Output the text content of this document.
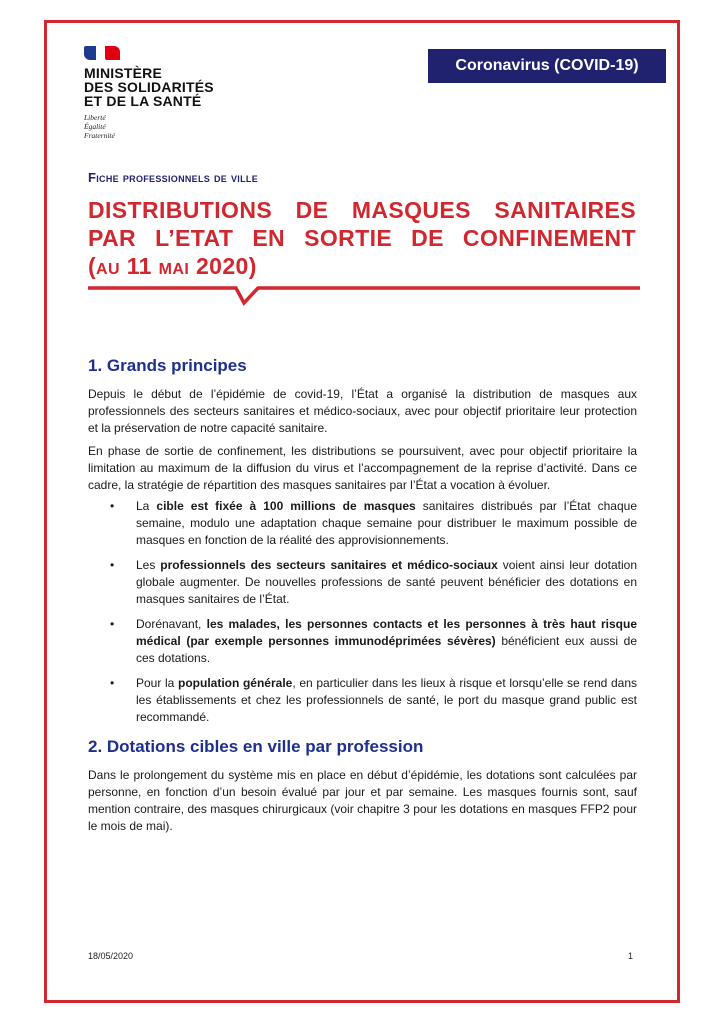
MINISTÈRE
DES SOLIDARITÉS
ET DE LA SANTÉ
Liberté
Égalité
Fraternité
Coronavirus (COVID-19)
Fiche professionnels de ville
DISTRIBUTIONS DE MASQUES SANITAIRES
PAR L’ETAT EN SORTIE DE CONFINEMENT
(au 11 mai 2020)
1. Grands principes

Depuis le début de l’épidémie de covid-19, l’État a organisé la distribution de masques aux professionnels des secteurs sanitaires et médico-sociaux, avec pour objectif prioritaire leur protection et la préservation de notre capacité sanitaire.

En phase de sortie de confinement, les distributions se poursuivent, avec pour objectif prioritaire la limitation au maximum de la diffusion du virus et l’accompagnement de la reprise d’activité. Dans ce cadre, la stratégie de répartition des masques sanitaires par l’État a vocation à évoluer.

• La cible est fixée à 100 millions de masques sanitaires distribués par l’État chaque semaine, modulo une adaptation chaque semaine pour distribuer le maximum possible de masques en fonction de la réalité des approvisionnements.
• Les professionnels des secteurs sanitaires et médico-sociaux voient ainsi leur dotation globale augmenter. De nouvelles professions de santé peuvent bénéficier des dotations en masques sanitaires de l’État.
• Dorénavant, les malades, les personnes contacts et les personnes à très haut risque médical (par exemple personnes immunodéprimées sévères) bénéficient eux aussi de ces dotations.
• Pour la population générale, en particulier dans les lieux à risque et lorsqu’elle se rend dans les établissements et chez les professionnels de santé, le port du masque grand public est recommandé.
2. Dotations cibles en ville par profession

Dans le prolongement du système mis en place en début d’épidémie, les dotations sont calculées par personne, en fonction d’un besoin évalué par jour et par semaine. Les masques fournis sont, sauf mention contraire, des masques chirurgicaux (voir chapitre 3 pour les dotations en masques FFP2 pour le mois de mai).

18/05/2020	1
